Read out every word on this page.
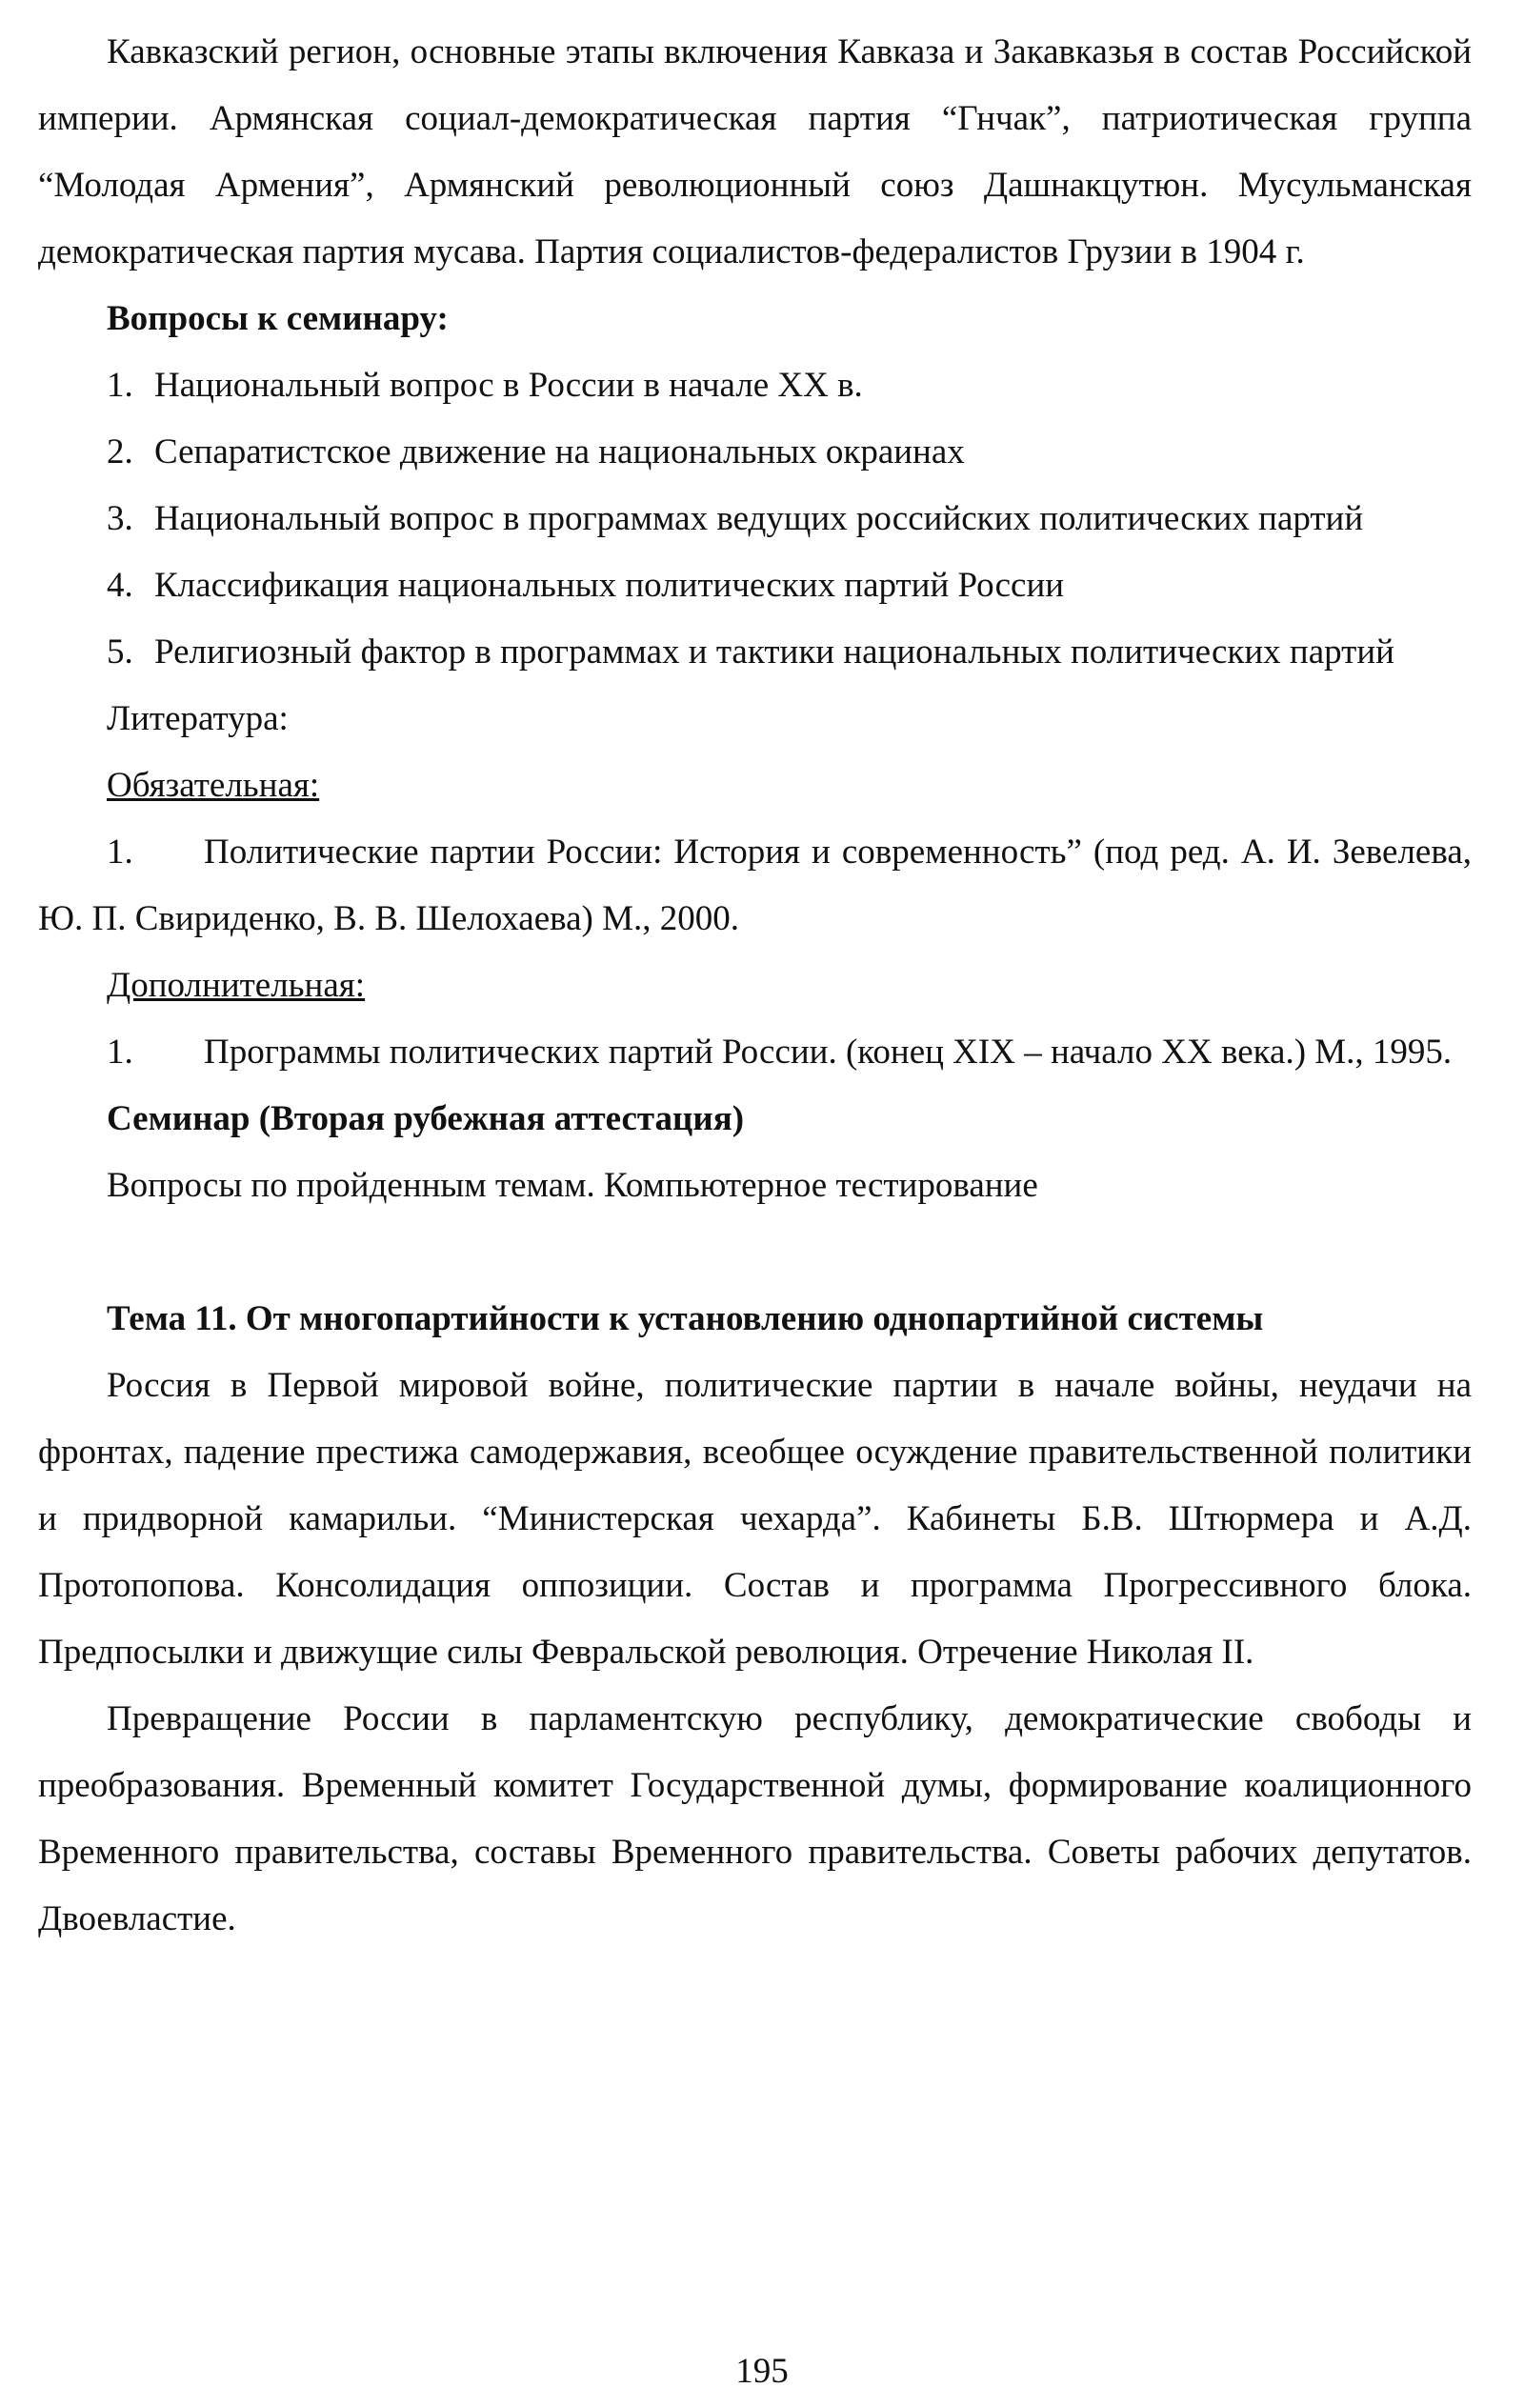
Кавказский регион, основные этапы включения Кавказа и Закавказья в состав Российской империи. Армянская социал-демократическая партия “Гнчак”, патриотическая группа “Молодая Армения”, Армянский революционный союз Дашнакцутюн. Мусульманская демократическая партия мусава. Партия социалистов-федералистов Грузии в 1904 г.

Вопросы к семинару:

1. Национальный вопрос в России в начале XX в.

2. Сепаратистское движение на национальных окраинах

3. Национальный вопрос в программах ведущих российских политических партий

4. Классификация национальных политических партий России

5. Религиозный фактор в программах и тактики национальных политических партий

Литература:

Обязательная:

1. Политические партии России: История и современность” (под ред. А. И. Зевелева, Ю. П. Свириденко, В. В. Шелохаева) М., 2000.

Дополнительная:

1. Программы политических партий России. (конец XIX – начало XX века.) М., 1995.

Семинар (Вторая рубежная аттестация)

Вопросы по пройденным темам. Компьютерное тестирование

Тема 11. От многопартийности к установлению однопартийной системы

Россия в Первой мировой войне, политические партии в начале войны, неудачи на фронтах, падение престижа самодержавия, всеобщее осуждение правительственной политики и придворной камарильи. “Министерская чехарда”. Кабинеты Б.В. Штюрмера и А.Д. Протопопова. Консолидация оппозиции. Состав и программа Прогрессивного блока. Предпосылки и движущие силы Февральской революция. Отречение Николая II.

Превращение России в парламентскую республику, демократические свободы и преобразования. Временный комитет Государственной думы, формирование коалиционного Временного правительства, составы Временного правительства. Советы рабочих депутатов. Двоевластие.

195
